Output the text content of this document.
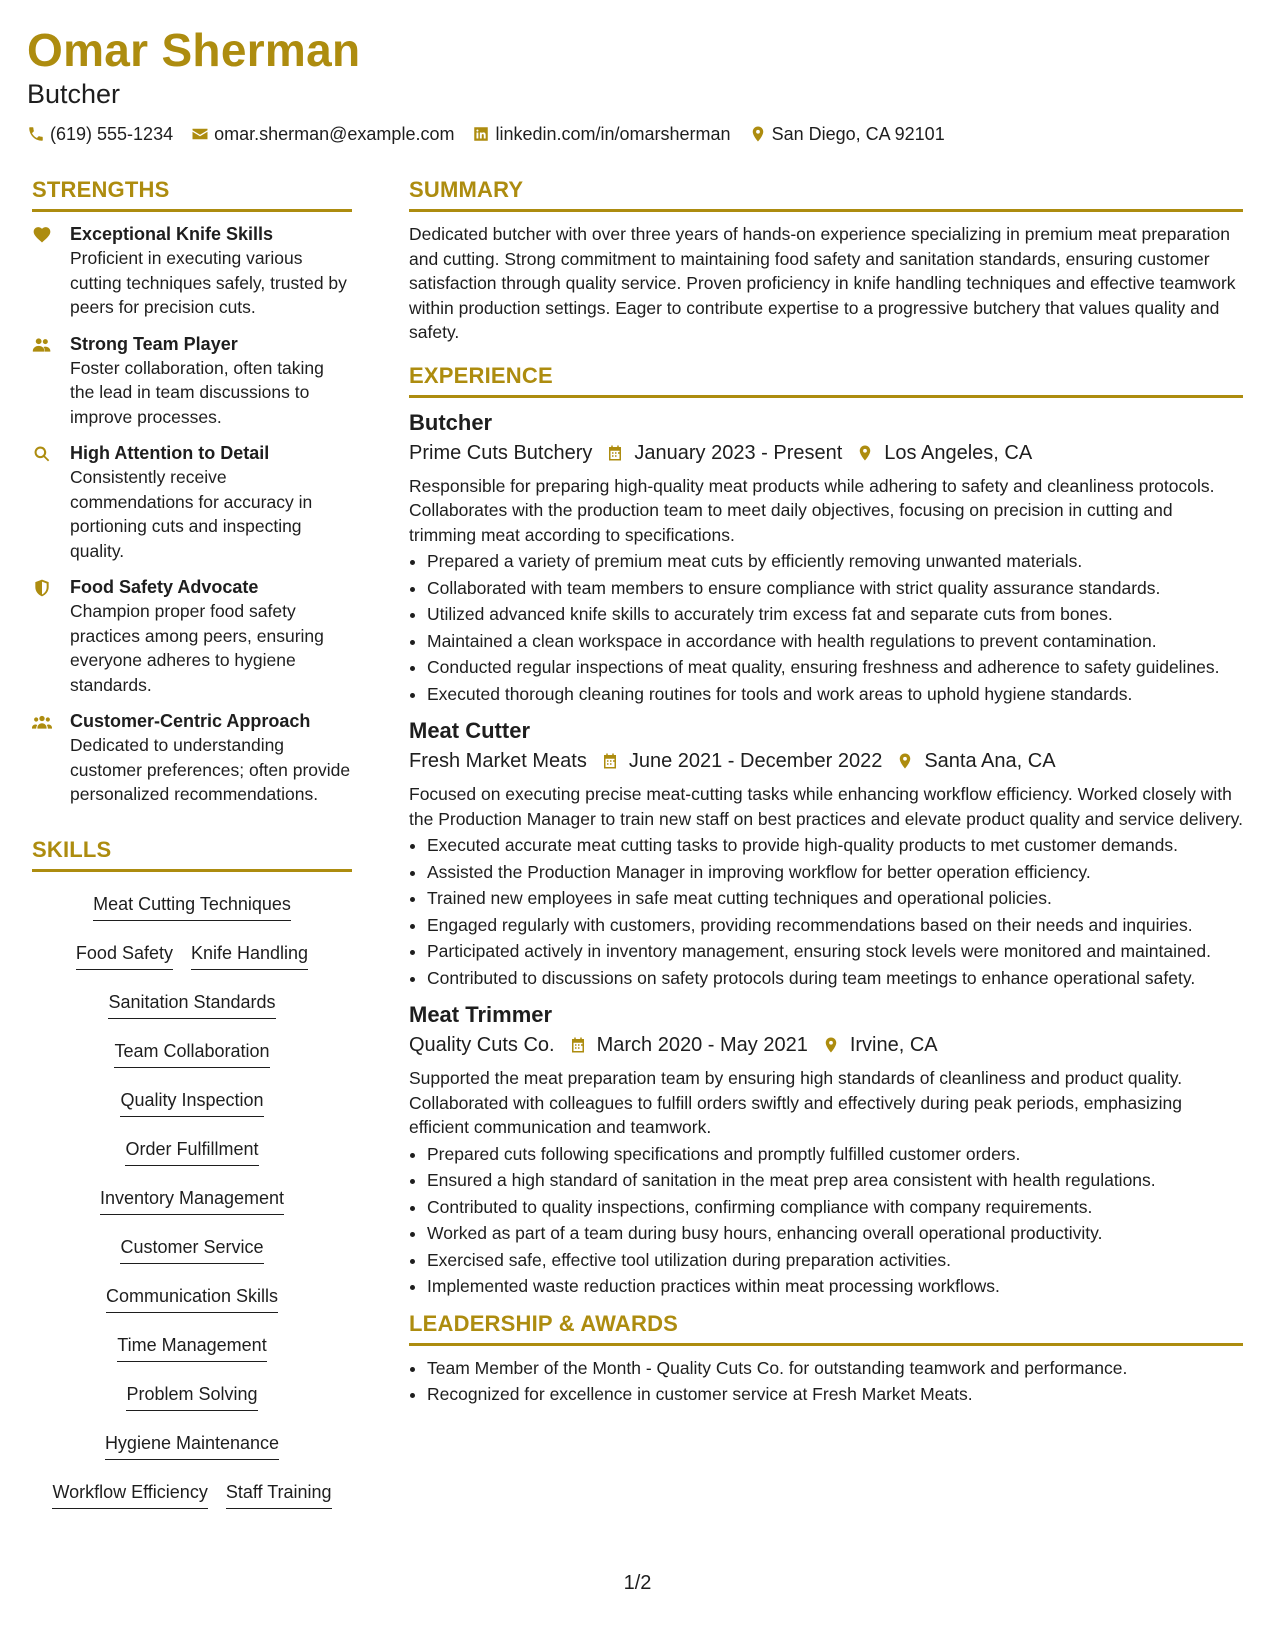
Omar Sherman
Butcher
(619) 555-1234 omar.sherman@example.com linkedin.com/in/omarsherman San Diego, CA 92101
STRENGTHS
Exceptional Knife Skills
Proficient in executing various cutting techniques safely, trusted by peers for precision cuts.
Strong Team Player
Foster collaboration, often taking the lead in team discussions to improve processes.
High Attention to Detail
Consistently receive commendations for accuracy in portioning cuts and inspecting quality.
Food Safety Advocate
Champion proper food safety practices among peers, ensuring everyone adheres to hygiene standards.
Customer-Centric Approach
Dedicated to understanding customer preferences; often provide personalized recommendations.
SKILLS
Meat Cutting Techniques
Food Safety Knife Handling
Sanitation Standards
Team Collaboration
Quality Inspection
Order Fulfillment
Inventory Management
Customer Service
Communication Skills
Time Management
Problem Solving
Hygiene Maintenance
Workflow Efficiency Staff Training
SUMMARY
Dedicated butcher with over three years of hands-on experience specializing in premium meat preparation and cutting. Strong commitment to maintaining food safety and sanitation standards, ensuring customer satisfaction through quality service. Proven proficiency in knife handling techniques and effective teamwork within production settings. Eager to contribute expertise to a progressive butchery that values quality and safety.
EXPERIENCE
Butcher
Prime Cuts Butchery January 2023 - Present Los Angeles, CA
Responsible for preparing high-quality meat products while adhering to safety and cleanliness protocols. Collaborates with the production team to meet daily objectives, focusing on precision in cutting and trimming meat according to specifications.
• Prepared a variety of premium meat cuts by efficiently removing unwanted materials.
• Collaborated with team members to ensure compliance with strict quality assurance standards.
• Utilized advanced knife skills to accurately trim excess fat and separate cuts from bones.
• Maintained a clean workspace in accordance with health regulations to prevent contamination.
• Conducted regular inspections of meat quality, ensuring freshness and adherence to safety guidelines.
• Executed thorough cleaning routines for tools and work areas to uphold hygiene standards.
Meat Cutter
Fresh Market Meats June 2021 - December 2022 Santa Ana, CA
Focused on executing precise meat-cutting tasks while enhancing workflow efficiency. Worked closely with the Production Manager to train new staff on best practices and elevate product quality and service delivery.
• Executed accurate meat cutting tasks to provide high-quality products to met customer demands.
• Assisted the Production Manager in improving workflow for better operation efficiency.
• Trained new employees in safe meat cutting techniques and operational policies.
• Engaged regularly with customers, providing recommendations based on their needs and inquiries.
• Participated actively in inventory management, ensuring stock levels were monitored and maintained.
• Contributed to discussions on safety protocols during team meetings to enhance operational safety.
Meat Trimmer
Quality Cuts Co. March 2020 - May 2021 Irvine, CA
Supported the meat preparation team by ensuring high standards of cleanliness and product quality. Collaborated with colleagues to fulfill orders swiftly and effectively during peak periods, emphasizing efficient communication and teamwork.
• Prepared cuts following specifications and promptly fulfilled customer orders.
• Ensured a high standard of sanitation in the meat prep area consistent with health regulations.
• Contributed to quality inspections, confirming compliance with company requirements.
• Worked as part of a team during busy hours, enhancing overall operational productivity.
• Exercised safe, effective tool utilization during preparation activities.
• Implemented waste reduction practices within meat processing workflows.
LEADERSHIP & AWARDS
• Team Member of the Month - Quality Cuts Co. for outstanding teamwork and performance.
• Recognized for excellence in customer service at Fresh Market Meats.
1/2
